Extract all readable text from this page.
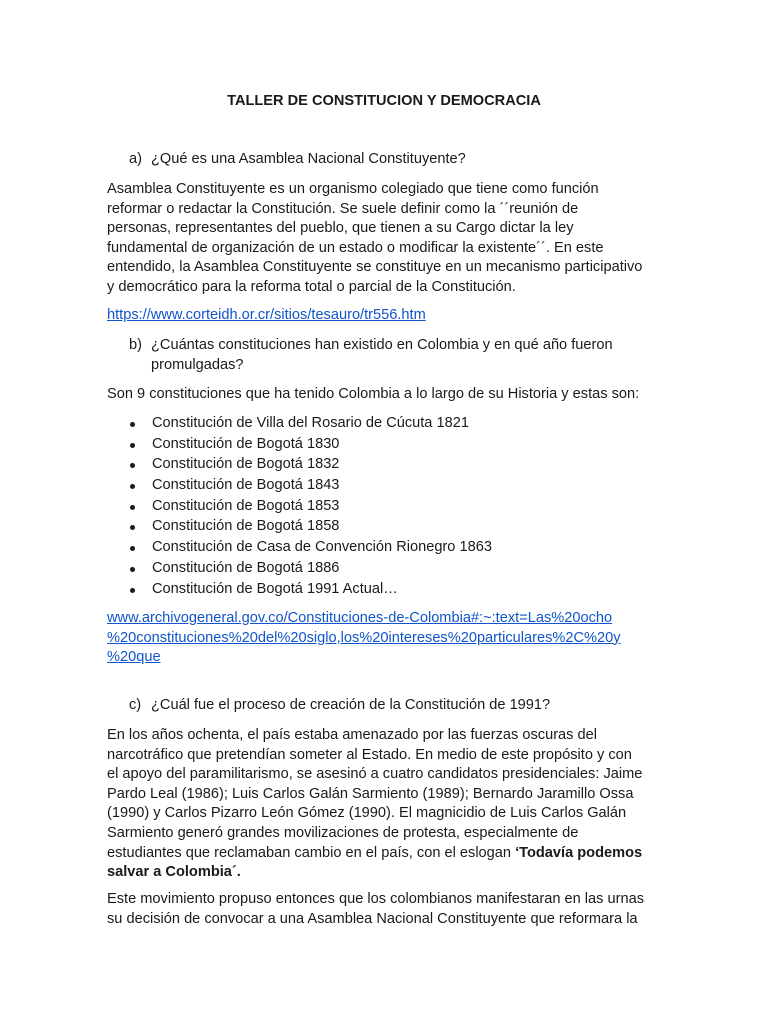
TALLER DE CONSTITUCION Y DEMOCRACIA
a) ¿Qué es una Asamblea Nacional Constituyente?
Asamblea Constituyente es un organismo colegiado que tiene como función
reformar o redactar la Constitución. Se suele definir como la ´´reunión de
personas, representantes del pueblo, que tienen a su Cargo dictar la ley
fundamental de organización de un estado o modificar la existente´´. En este
entendido, la Asamblea Constituyente se constituye en un mecanismo participativo
y democrático para la reforma total o parcial de la Constitución.
https://www.corteidh.or.cr/sitios/tesauro/tr556.htm
b) ¿Cuántas constituciones han existido en Colombia y en qué año fueron
promulgadas?
Son 9 constituciones que ha tenido Colombia a lo largo de su Historia y estas son:
Constitución de Villa del Rosario de Cúcuta 1821
Constitución de Bogotá 1830
Constitución de Bogotá 1832
Constitución de Bogotá 1843
Constitución de Bogotá 1853
Constitución de Bogotá 1858
Constitución de Casa de Convención Rionegro 1863
Constitución de Bogotá 1886
Constitución de Bogotá 1991 Actual…
www.archivogeneral.gov.co/Constituciones-de-Colombia#:~:text=Las%20ocho
%20constituciones%20del%20siglo,los%20intereses%20particulares%2C%20y
%20que
c) ¿Cuál fue el proceso de creación de la Constitución de 1991?
En los años ochenta, el país estaba amenazado por las fuerzas oscuras del
narcotráfico que pretendían someter al Estado. En medio de este propósito y con
el apoyo del paramilitarismo, se asesinó a cuatro candidatos presidenciales: Jaime
Pardo Leal (1986); Luis Carlos Galán Sarmiento (1989); Bernardo Jaramillo Ossa
(1990) y Carlos Pizarro León Gómez (1990). El magnicidio de Luis Carlos Galán
Sarmiento generó grandes movilizaciones de protesta, especialmente de
estudiantes que reclamaban cambio en el país, con el eslogan ‘Todavía podemos
salvar a Colombia´.
Este movimiento propuso entonces que los colombianos manifestaran en las urnas
su decisión de convocar a una Asamblea Nacional Constituyente que reformara la
